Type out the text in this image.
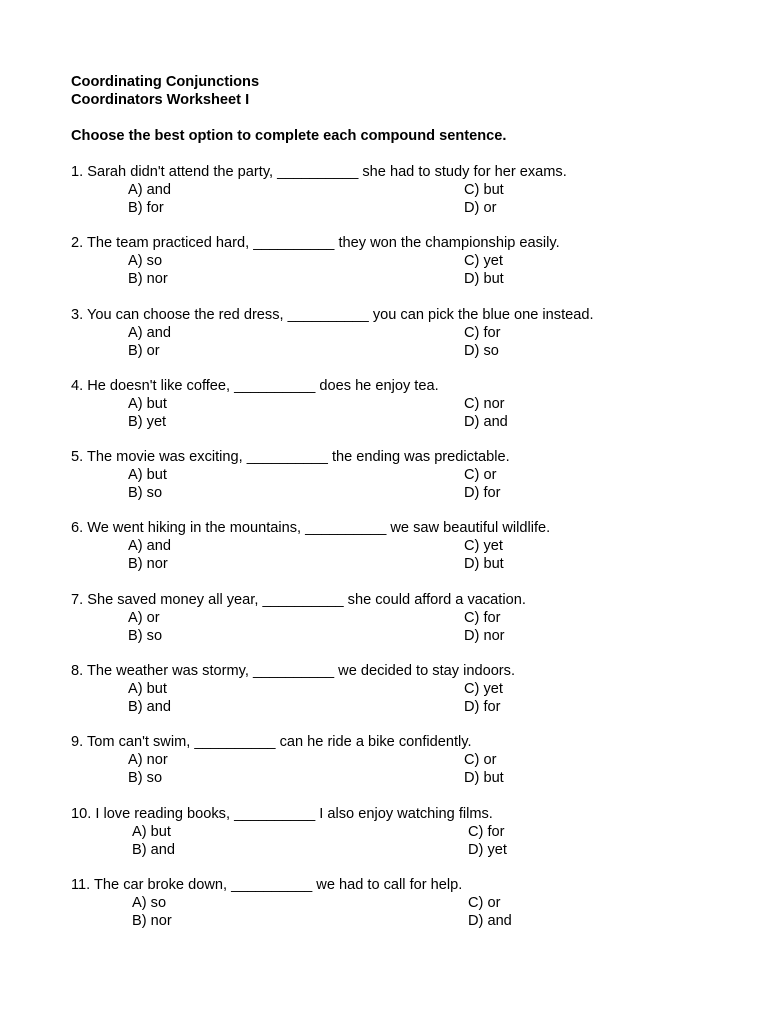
Coordinating Conjunctions
Coordinators Worksheet I
Choose the best option to complete each compound sentence.
1. Sarah didn't attend the party, __________ she had to study for her exams.
A) and
B) for
C) but
D) or
2. The team practiced hard, __________ they won the championship easily.
A) so
B) nor
C) yet
D) but
3. You can choose the red dress, __________ you can pick the blue one instead.
A) and
B) or
C) for
D) so
4. He doesn't like coffee, __________ does he enjoy tea.
A) but
B) yet
C) nor
D) and
5. The movie was exciting, __________ the ending was predictable.
A) but
B) so
C) or
D) for
6. We went hiking in the mountains, __________ we saw beautiful wildlife.
A) and
B) nor
C) yet
D) but
7. She saved money all year, __________ she could afford a vacation.
A) or
B) so
C) for
D) nor
8. The weather was stormy, __________ we decided to stay indoors.
A) but
B) and
C) yet
D) for
9. Tom can't swim, __________ can he ride a bike confidently.
A) nor
B) so
C) or
D) but
10. I love reading books, __________ I also enjoy watching films.
A) but
B) and
C) for
D) yet
11. The car broke down, __________ we had to call for help.
A) so
B) nor
C) or
D) and
